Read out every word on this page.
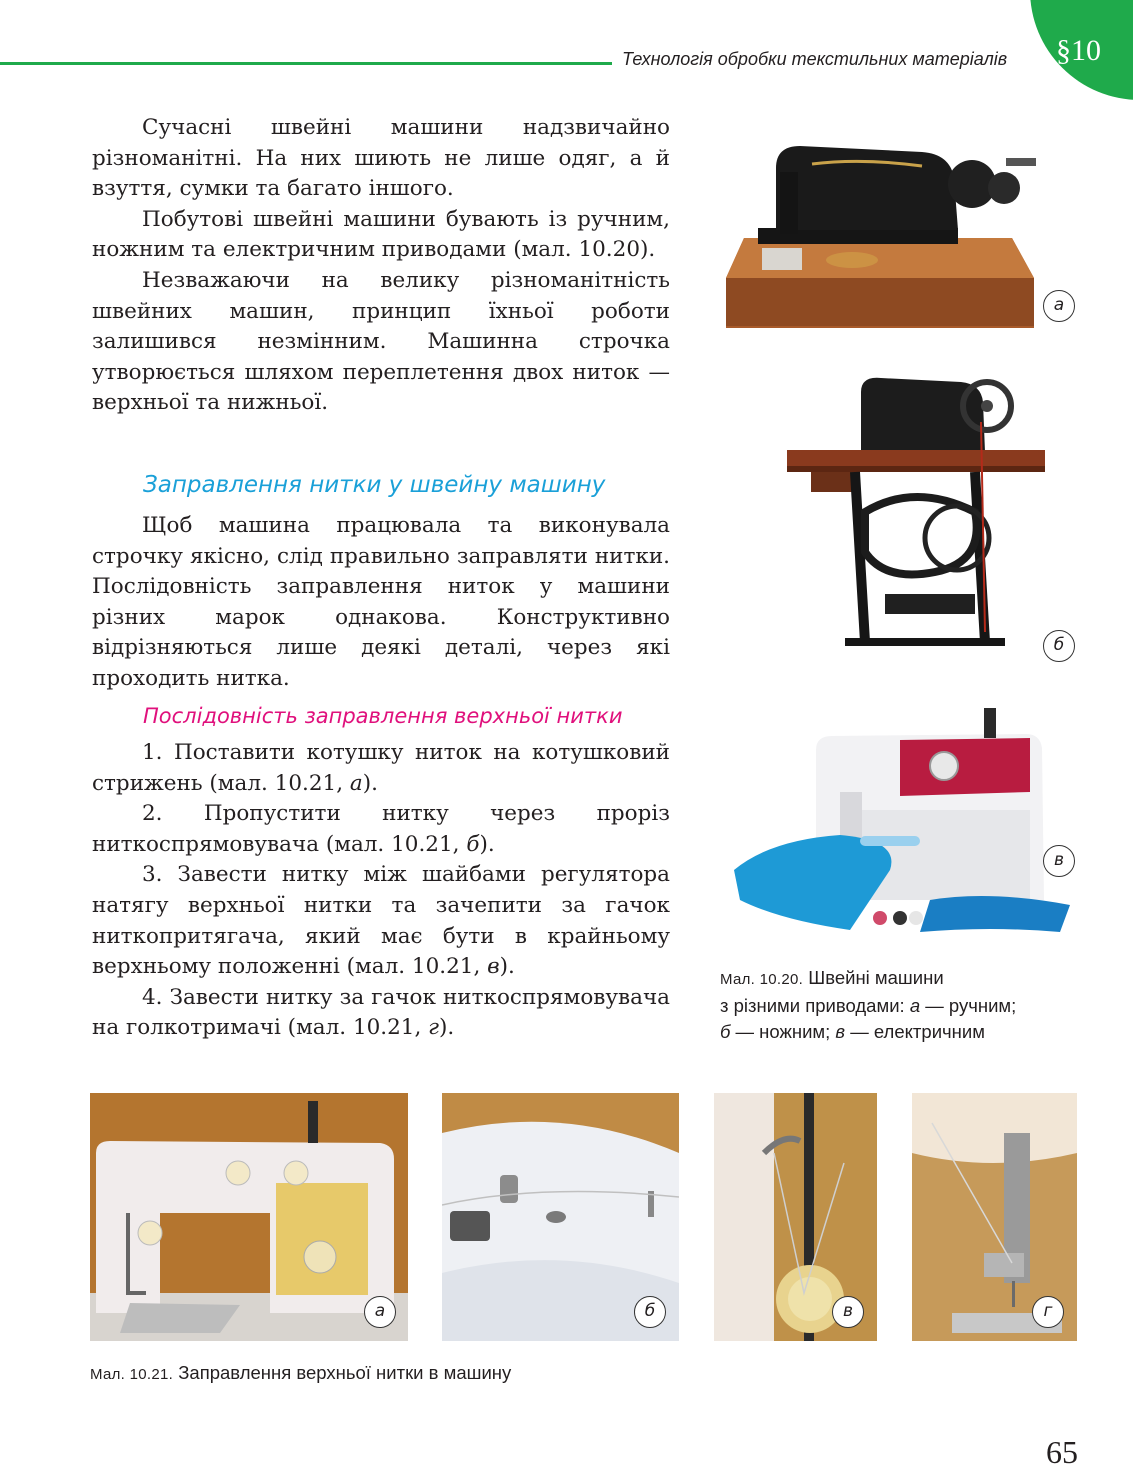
Технологія обробки текстильних матеріалів §10

Сучасні швейні машини надзвичайно різноманітні. На них шиють не лише одяг, а й взуття, сумки та багато іншого.

Побутові швейні машини бувають із ручним, ножним та електричним приводами (мал. 10.20).

Незважаючи на велику різноманітність швейних машин, принцип їхньої роботи залишився незмінним. Машинна строчка утворюється шляхом переплетення двох ниток — верхньої та нижньої.

Заправлення нитки у швейну машину

Щоб машина працювала та виконувала строчку якісно, слід правильно заправляти нитки. Послідовність заправлення ниток у машини різних марок однакова. Конструктивно відрізняються лише деякі деталі, через які проходить нитка.

Послідовність заправлення верхньої нитки

1. Поставити котушку ниток на котушковий стрижень (мал. 10.21, а).

2. Пропустити нитку через проріз ниткоспрямовувача (мал. 10.21, б).

3. Завести нитку між шайбами регулятора натягу верхньої нитки та зачепити за гачок ниткопритягача, який має бути в крайньому верхньому положенні (мал. 10.21, в).

4. Завести нитку за гачок ниткоспрямовувача на голкотримачі (мал. 10.21, г).

а
б
в
Мал. 10.20. Швейні машини
з різними приводами: а — ручним;
б — ножним; в — електричним
а	б	в	г
Мал. 10.21. Заправлення верхньої нитки в машину
65
